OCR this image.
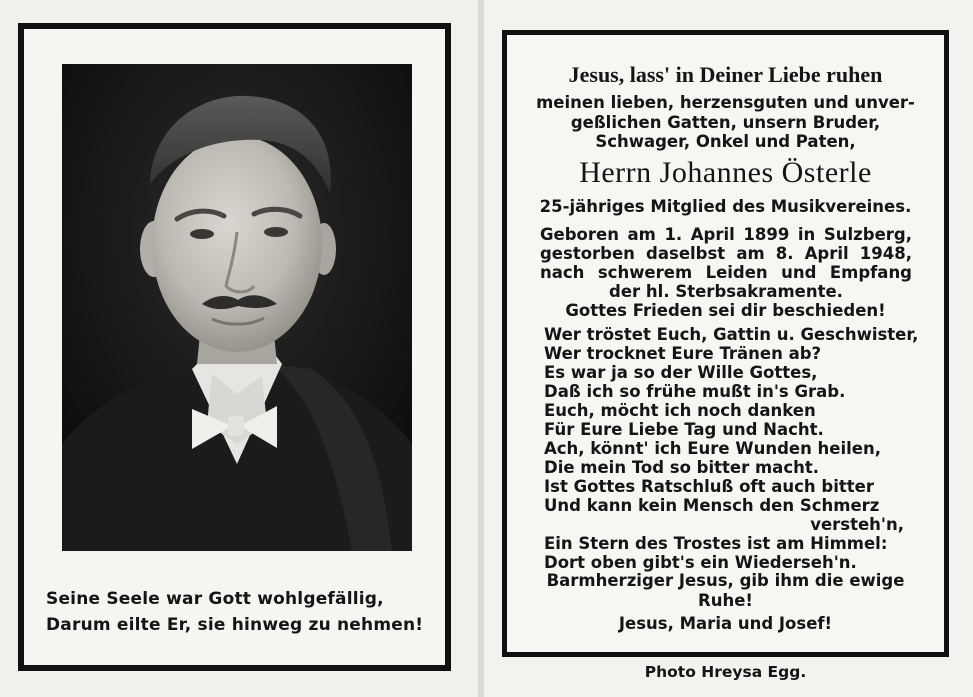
Seine Seele war Gott wohlgefällig,
Darum eilte Er, sie hinweg zu nehmen!
Jesus, lass' in Deiner Liebe ruhen
meinen lieben, herzensguten und unver-
geßlichen Gatten, unsern Bruder,
Schwager, Onkel und Paten,
Herrn Johannes Österle
25-jähriges Mitglied des Musikvereines.
Geboren am 1. April 1899 in Sulzberg,
gestorben daselbst am 8. April 1948,
nach schwerem Leiden und Empfang
der hl. Sterbsakramente.
Gottes Frieden sei dir beschieden!
Wer tröstet Euch, Gattin u. Geschwister,
Wer trocknet Eure Tränen ab?
Es war ja so der Wille Gottes,
Daß ich so frühe mußt in's Grab.
Euch, möcht ich noch danken
Für Eure Liebe Tag und Nacht.
Ach, könnt' ich Eure Wunden heilen,
Die mein Tod so bitter macht.
Ist Gottes Ratschluß oft auch bitter
Und kann kein Mensch den Schmerz
versteh'n,
Ein Stern des Trostes ist am Himmel:
Dort oben gibt's ein Wiederseh'n.
Barmherziger Jesus, gib ihm die ewige
Ruhe!
Jesus, Maria und Josef!
Photo Hreysa Egg.
